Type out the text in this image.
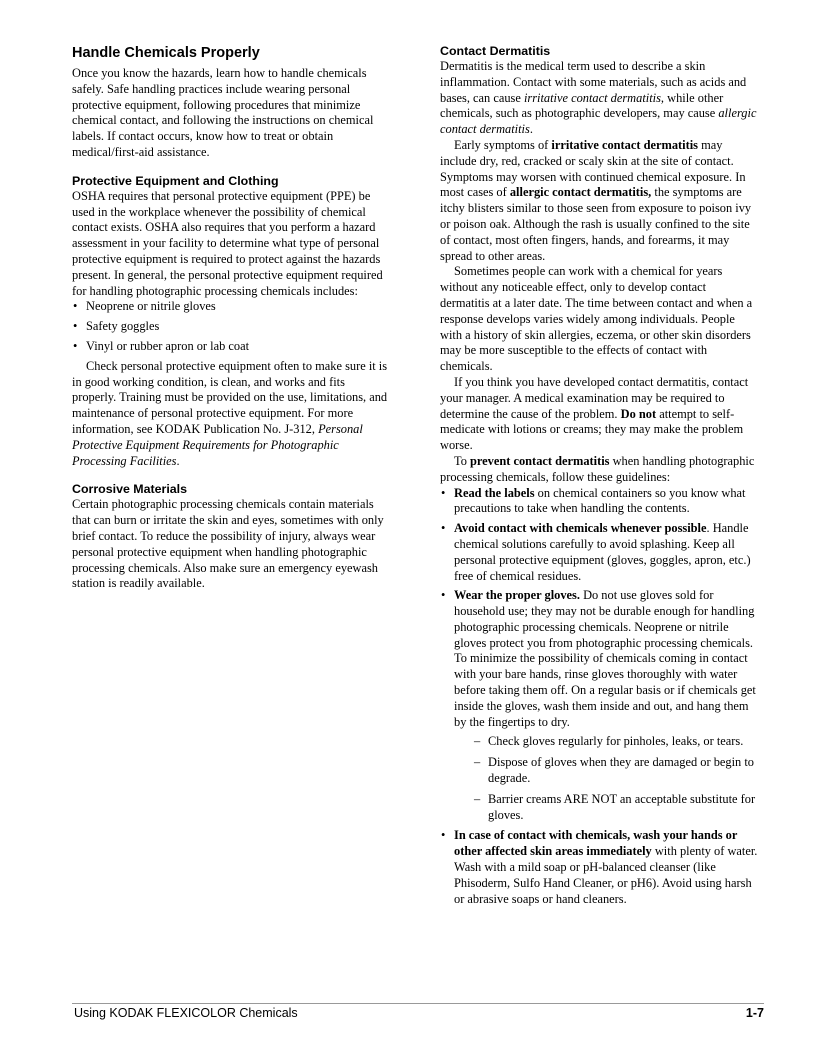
Handle Chemicals Properly

Once you know the hazards, learn how to handle chemicals safely. Safe handling practices include wearing personal protective equipment, following procedures that minimize chemical contact, and following the instructions on chemical labels. If contact occurs, know how to treat or obtain medical/first-aid assistance.

Protective Equipment and Clothing

OSHA requires that personal protective equipment (PPE) be used in the workplace whenever the possibility of chemical contact exists. OSHA also requires that you perform a hazard assessment in your facility to determine what type of personal protective equipment is required to protect against the hazards present. In general, the personal protective equipment required for handling photographic processing chemicals includes:

• Neoprene or nitrile gloves
• Safety goggles
• Vinyl or rubber apron or lab coat

Check personal protective equipment often to make sure it is in good working condition, is clean, and works and fits properly. Training must be provided on the use, limitations, and maintenance of personal protective equipment. For more information, see KODAK Publication No. J-312, Personal Protective Equipment Requirements for Photographic Processing Facilities.

Corrosive Materials

Certain photographic processing chemicals contain materials that can burn or irritate the skin and eyes, sometimes with only brief contact. To reduce the possibility of injury, always wear personal protective equipment when handling photographic processing chemicals. Also make sure an emergency eyewash station is readily available.

Contact Dermatitis

Dermatitis is the medical term used to describe a skin inflammation. Contact with some materials, such as acids and bases, can cause irritative contact dermatitis, while other chemicals, such as photographic developers, may cause allergic contact dermatitis.

Early symptoms of irritative contact dermatitis may include dry, red, cracked or scaly skin at the site of contact. Symptoms may worsen with continued chemical exposure. In most cases of allergic contact dermatitis, the symptoms are itchy blisters similar to those seen from exposure to poison ivy or poison oak. Although the rash is usually confined to the site of contact, most often fingers, hands, and forearms, it may spread to other areas.

Sometimes people can work with a chemical for years without any noticeable effect, only to develop contact dermatitis at a later date. The time between contact and when a response develops varies widely among individuals. People with a history of skin allergies, eczema, or other skin disorders may be more susceptible to the effects of contact with chemicals.

If you think you have developed contact dermatitis, contact your manager. A medical examination may be required to determine the cause of the problem. Do not attempt to self-medicate with lotions or creams; they may make the problem worse.

To prevent contact dermatitis when handling photographic processing chemicals, follow these guidelines:

• Read the labels on chemical containers so you know what precautions to take when handling the contents.
• Avoid contact with chemicals whenever possible. Handle chemical solutions carefully to avoid splashing. Keep all personal protective equipment (gloves, goggles, apron, etc.) free of chemical residues.
• Wear the proper gloves. Do not use gloves sold for household use; they may not be durable enough for handling photographic processing chemicals. Neoprene or nitrile gloves protect you from photographic processing chemicals. To minimize the possibility of chemicals coming in contact with your bare hands, rinse gloves thoroughly with water before taking them off. On a regular basis or if chemicals get inside the gloves, wash them inside and out, and hang them by the fingertips to dry.
– Check gloves regularly for pinholes, leaks, or tears.
– Dispose of gloves when they are damaged or begin to degrade.
– Barrier creams ARE NOT an acceptable substitute for gloves.
• In case of contact with chemicals, wash your hands or other affected skin areas immediately with plenty of water. Wash with a mild soap or pH-balanced cleanser (like Phisoderm, Sulfo Hand Cleaner, or pH6). Avoid using harsh or abrasive soaps or hand cleaners.
Using KODAK FLEXICOLOR Chemicals	1-7
